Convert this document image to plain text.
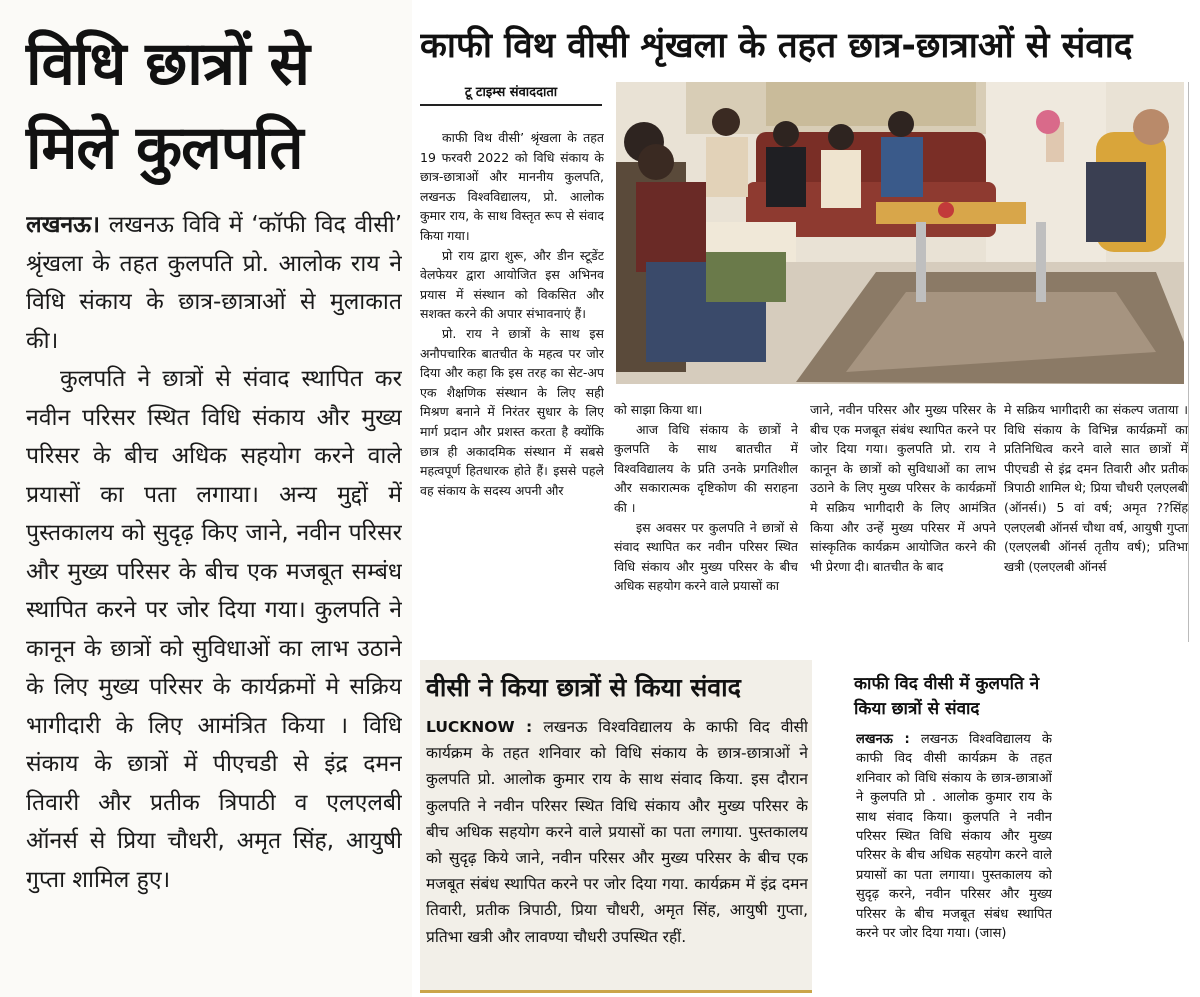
विधि छात्रों से मिले कुलपति

लखनऊ। लखनऊ विवि में ‘कॉफी विद वीसी’ श्रृंखला के तहत कुलपति प्रो. आलोक राय ने विधि संकाय के छात्र-छात्राओं से मुलाकात की।

कुलपति ने छात्रों से संवाद स्थापित कर नवीन परिसर स्थित विधि संकाय और मुख्य परिसर के बीच अधिक सहयोग करने वाले प्रयासों का पता लगाया। अन्य मुद्दों में पुस्तकालय को सुदृढ़ किए जाने, नवीन परिसर और मुख्य परिसर के बीच एक मजबूत सम्बंध स्थापित करने पर जोर दिया गया। कुलपति ने कानून के छात्रों को सुविधाओं का लाभ उठाने के लिए मुख्य परिसर के कार्यक्रमों मे सक्रिय भागीदारी के लिए आमंत्रित किया । विधि संकाय के छात्रों में पीएचडी से इंद्र दमन तिवारी और प्रतीक त्रिपाठी व एलएलबी ऑनर्स से प्रिया चौधरी, अमृत सिंह, आयुषी गुप्ता शामिल हुए।

काफी विथ वीसी शृंखला के तहत छात्र-छात्राओं से संवाद
टू टाइम्स संवाददाता

काफी विथ वीसी’ श्रृंखला के तहत 19 फरवरी 2022 को विधि संकाय के छात्र-छात्राओं और माननीय कुलपति, लखनऊ विश्वविद्यालय, प्रो. आलोक कुमार राय, के साथ विस्तृत रूप से संवाद किया गया।

प्रो राय द्वारा शुरू, और डीन स्टूडेंट वेलफेयर द्वारा आयोजित इस अभिनव प्रयास में संस्थान को विकसित और सशक्त करने की अपार संभावनाएं हैं।

प्रो. राय ने छात्रों के साथ इस अनौपचारिक बातचीत के महत्व पर जोर दिया और कहा कि इस तरह का सेट-अप एक शैक्षणिक संस्थान के लिए सही मिश्रण बनाने में निरंतर सुधार के लिए मार्ग प्रदान और प्रशस्त करता है क्योंकि छात्र ही अकादमिक संस्थान में सबसे महत्वपूर्ण हितधारक होते हैं। इससे पहले वह संकाय के सदस्य अपनी और

को साझा किया था।

आज विधि संकाय के छात्रों ने कुलपति के साथ बातचीत में विश्वविद्यालय के प्रति उनके प्रगतिशील और सकारात्मक दृष्टिकोण की सराहना की ।

इस अवसर पर कुलपति ने छात्रों से संवाद स्थापित कर नवीन परिसर स्थित विधि संकाय और मुख्य परिसर के बीच अधिक सहयोग करने वाले प्रयासों का

जाने, नवीन परिसर और मुख्य परिसर के बीच एक मजबूत संबंध स्थापित करने पर जोर दिया गया। कुलपति प्रो. राय ने कानून के छात्रों को सुविधाओं का लाभ उठाने के लिए मुख्य परिसर के कार्यक्रमों मे सक्रिय भागीदारी के लिए आमंत्रित किया और उन्हें मुख्य परिसर में अपने सांस्कृतिक कार्यक्रम आयोजित करने की भी प्रेरणा दी। बातचीत के बाद

मे सक्रिय भागीदारी का संकल्प जताया । विधि संकाय के विभिन्न कार्यक्रमों का प्रतिनिधित्व करने वाले सात छात्रों में पीएचडी से इंद्र दमन तिवारी और प्रतीक त्रिपाठी शामिल थे; प्रिया चौधरी एलएलबी (ऑनर्स।) 5 वां वर्ष; अमृत ??सिंह एलएलबी ऑनर्स चौथा वर्ष, आयुषी गुप्ता (एलएलबी ऑनर्स तृतीय वर्ष); प्रतिभा खत्री (एलएलबी ऑनर्स

वीसी ने किया छात्रों से किया संवाद
LUCKNOW : लखनऊ विश्वविद्यालय के काफी विद वीसी कार्यक्रम के तहत शनिवार को विधि संकाय के छात्र-छात्राओं ने कुलपति प्रो. आलोक कुमार राय के साथ संवाद किया. इस दौरान कुलपति ने नवीन परिसर स्थित विधि संकाय और मुख्य परिसर के बीच अधिक सहयोग करने वाले प्रयासों का पता लगाया. पुस्तकालय को सुदृढ़ किये जाने, नवीन परिसर और मुख्य परिसर के बीच एक मजबूत संबंध स्थापित करने पर जोर दिया गया. कार्यक्रम में इंद्र दमन तिवारी, प्रतीक त्रिपाठी, प्रिया चौधरी, अमृत सिंह, आयुषी गुप्ता, प्रतिभा खत्री और लावण्या चौधरी उपस्थित रहीं.
काफी विद वीसी में कुलपति ने किया छात्रों से संवाद
लखनऊ : लखनऊ विश्वविद्यालय के काफी विद वीसी कार्यक्रम के तहत शनिवार को विधि संकाय के छात्र-छात्राओं ने कुलपति प्रो . आलोक कुमार राय के साथ संवाद किया। कुलपति ने नवीन परिसर स्थित विधि संकाय और मुख्य परिसर के बीच अधिक सहयोग करने वाले प्रयासों का पता लगाया। पुस्तकालय को सुदृढ़ करने, नवीन परिसर और मुख्य परिसर के बीच मजबूत संबंध स्थापित करने पर जोर दिया गया। (जास)
